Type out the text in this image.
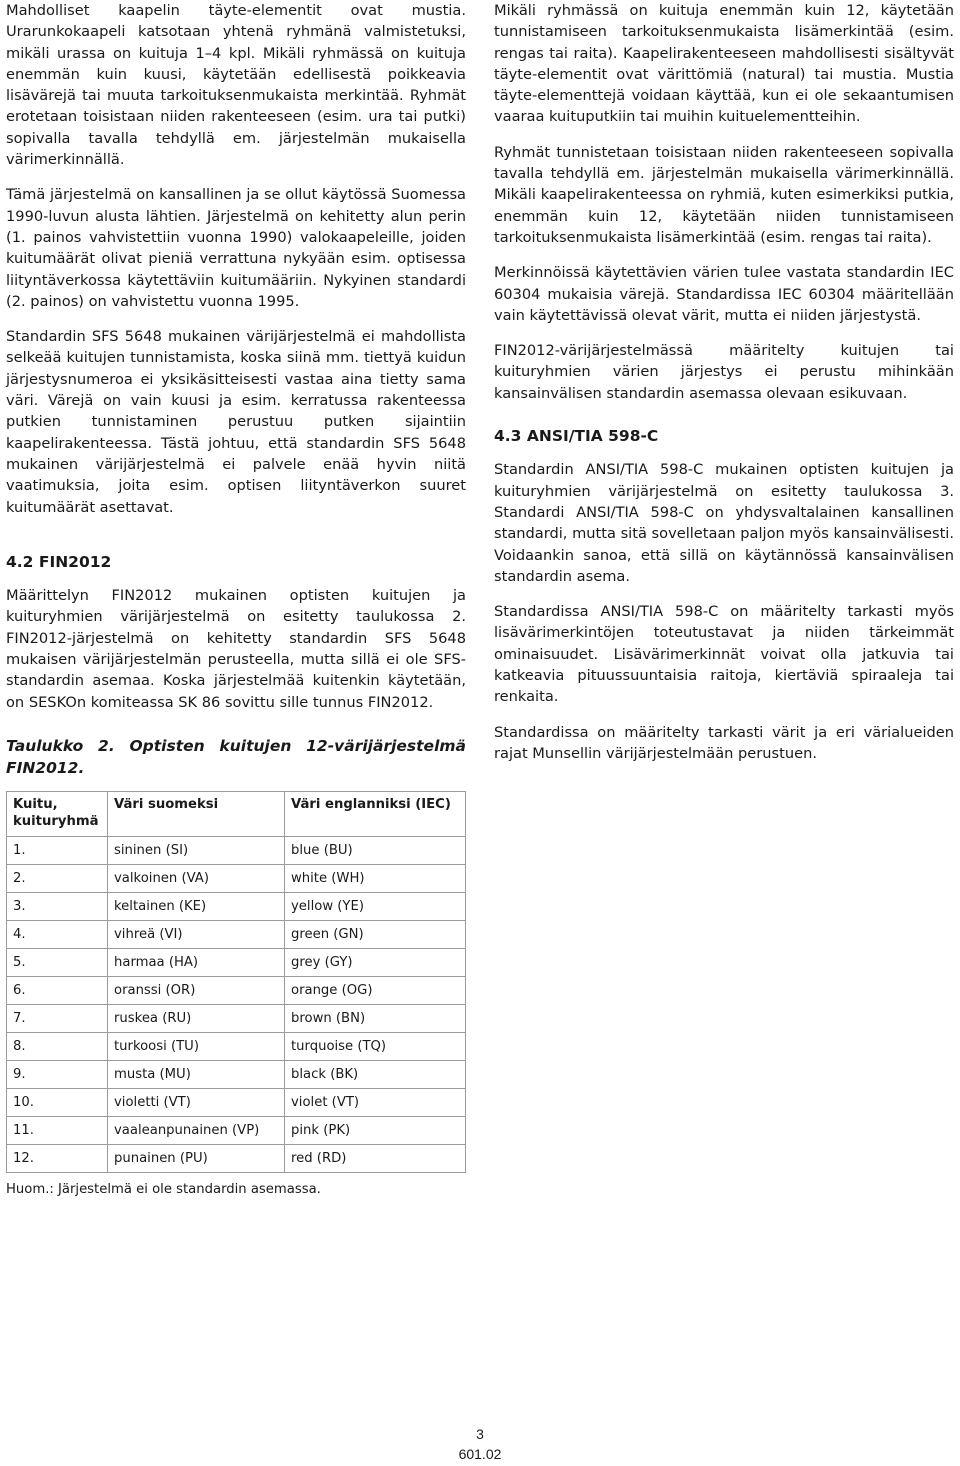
Mahdolliset kaapelin täyte-elementit ovat mustia. Urarunkokaapeli katsotaan yhtenä ryhmänä valmistetuksi, mikäli urassa on kuituja 1–4 kpl. Mikäli ryhmässä on kuituja enemmän kuin kuusi, käytetään edellisestä poikkeavia lisävärejä tai muuta tarkoituksenmukaista merkintää. Ryhmät erotetaan toisistaan niiden rakenteeseen (esim. ura tai putki) sopivalla tavalla tehdyllä em. järjestelmän mukaisella värimerkinnällä.

Tämä järjestelmä on kansallinen ja se ollut käytössä Suomessa 1990-luvun alusta lähtien. Järjestelmä on kehitetty alun perin (1. painos vahvistettiin vuonna 1990) valokaapeleille, joiden kuitumäärät olivat pieniä verrattuna nykyään esim. optisessa liityntäverkossa käytettäviin kuitumääriin. Nykyinen standardi (2. painos) on vahvistettu vuonna 1995.

Standardin SFS 5648 mukainen värijärjestelmä ei mahdollista selkeää kuitujen tunnistamista, koska siinä mm. tiettyä kuidun järjestysnumeroa ei yksikäsitteisesti vastaa aina tietty sama väri. Värejä on vain kuusi ja esim. kerratussa rakenteessa putkien tunnistaminen perustuu putken sijaintiin kaapelirakenteessa. Tästä johtuu, että standardin SFS 5648 mukainen värijärjestelmä ei palvele enää hyvin niitä vaatimuksia, joita esim. optisen liityntäverkon suuret kuitumäärät asettavat.

4.2 FIN2012

Määrittelyn FIN2012 mukainen optisten kuitujen ja kuituryhmien värijärjestelmä on esitetty taulukossa 2. FIN2012-järjestelmä on kehitetty standardin SFS 5648 mukaisen värijärjestelmän perusteella, mutta sillä ei ole SFS-standardin asemaa. Koska järjestelmää kuitenkin käytetään, on SESKOn komiteassa SK 86 sovittu sille tunnus FIN2012.

Taulukko 2. Optisten kuitujen 12-värijärjestelmä FIN2012.
Kuitu, kuituryhmä	Väri suomeksi	Väri englanniksi (IEC)
1.	sininen (SI)	blue (BU)
2.	valkoinen (VA)	white (WH)
3.	keltainen (KE)	yellow (YE)
4.	vihreä (VI)	green (GN)
5.	harmaa (HA)	grey (GY)
6.	oranssi (OR)	orange (OG)
7.	ruskea (RU)	brown (BN)
8.	turkoosi (TU)	turquoise (TQ)
9.	musta (MU)	black (BK)
10.	violetti (VT)	violet (VT)
11.	vaaleanpunainen (VP)	pink (PK)
12.	punainen (PU)	red (RD)
Huom.: Järjestelmä ei ole standardin asemassa.

Mikäli ryhmässä on kuituja enemmän kuin 12, käytetään tunnistamiseen tarkoituksenmukaista lisämerkintää (esim. rengas tai raita). Kaapelirakenteeseen mahdollisesti sisältyvät täyte-elementit ovat värittömiä (natural) tai mustia. Mustia täyte-elementtejä voidaan käyttää, kun ei ole sekaantumisen vaaraa kuituputkiin tai muihin kuituelementteihin.

Ryhmät tunnistetaan toisistaan niiden rakenteeseen sopivalla tavalla tehdyllä em. järjestelmän mukaisella värimerkinnällä. Mikäli kaapelirakenteessa on ryhmiä, kuten esimerkiksi putkia, enemmän kuin 12, käytetään niiden tunnistamiseen tarkoituksenmukaista lisämerkintää (esim. rengas tai raita).

Merkinnöissä käytettävien värien tulee vastata standardin IEC 60304 mukaisia värejä. Standardissa IEC 60304 määritellään vain käytettävissä olevat värit, mutta ei niiden järjestystä.

FIN2012-värijärjestelmässä määritelty kuitujen tai kuituryhmien värien järjestys ei perustu mihinkään kansainvälisen standardin asemassa olevaan esikuvaan.

4.3 ANSI/TIA 598-C

Standardin ANSI/TIA 598-C mukainen optisten kuitujen ja kuituryhmien värijärjestelmä on esitetty taulukossa 3. Standardi ANSI/TIA 598-C on yhdysvaltalainen kansallinen standardi, mutta sitä sovelletaan paljon myös kansainvälisesti. Voidaankin sanoa, että sillä on käytännössä kansainvälisen standardin asema.

Standardissa ANSI/TIA 598-C on määritelty tarkasti myös lisävärimerkintöjen toteutustavat ja niiden tärkeimmät ominaisuudet. Lisävärimerkinnät voivat olla jatkuvia tai katkeavia pituussuuntaisia raitoja, kiertäviä spiraaleja tai renkaita.

Standardissa on määritelty tarkasti värit ja eri värialueiden rajat Munsellin värijärjestelmään perustuen.

3
601.02
